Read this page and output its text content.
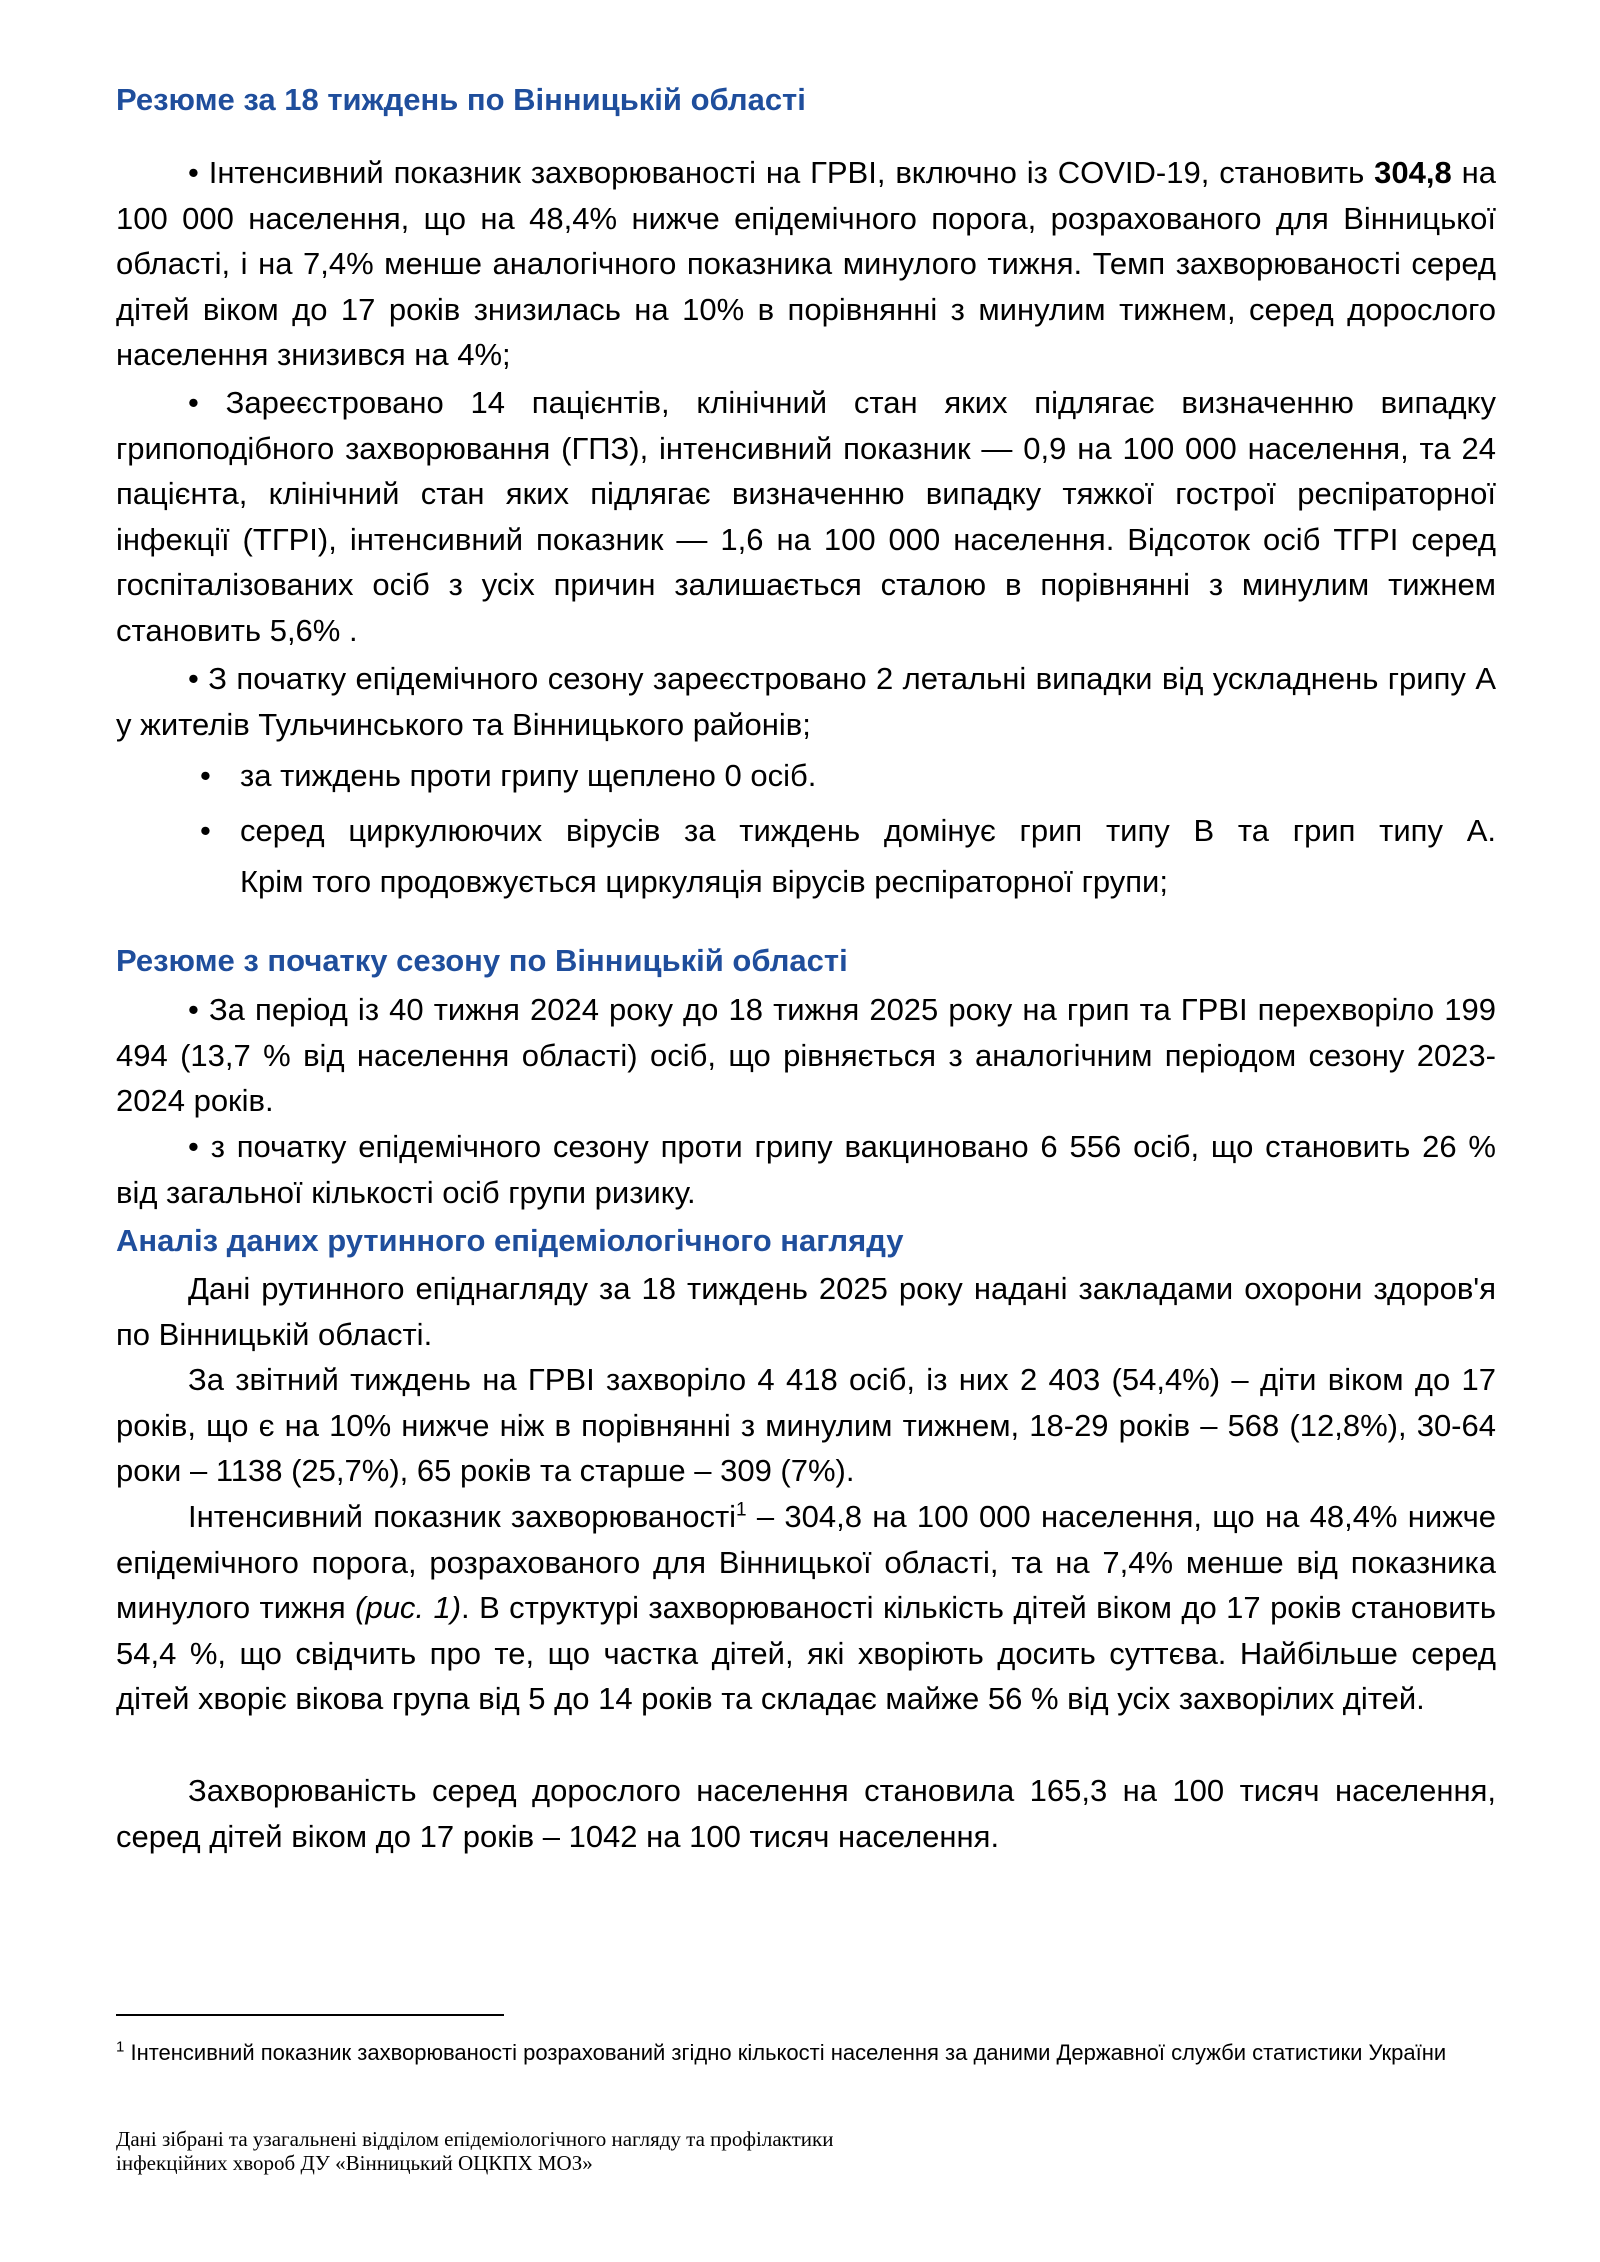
Резюме за 18 тиждень по Вінницькій області

• Інтенсивний показник захворюваності на ГРВІ, включно із COVID-19, становить 304,8 на 100 000 населення, що на 48,4% нижче епідемічного порога, розрахованого для Вінницької області, і на 7,4% менше аналогічного показника минулого тижня. Темп захворюваності серед дітей віком до 17 років знизилась на 10% в порівнянні з минулим тижнем, серед дорослого населення знизився на 4%;

• Зареєстровано 14 пацієнтів, клінічний стан яких підлягає визначенню випадку грипоподібного захворювання (ГПЗ), інтенсивний показник — 0,9 на 100 000 населення, та 24 пацієнта, клінічний стан яких підлягає визначенню випадку тяжкої гострої респіраторної інфекції (ТГРІ), інтенсивний показник — 1,6 на 100 000 населення. Відсоток осіб ТГРІ серед госпіталізованих осіб з усіх причин залишається сталою в порівнянні з минулим тижнем становить 5,6% .

• З початку епідемічного сезону зареєстровано 2 летальні випадки від ускладнень грипу А у жителів Тульчинського та Вінницького районів;

• за тиждень проти грипу щеплено 0 осіб.
• серед циркулюючих вірусів за тиждень домінує грип типу В та грип типу А.
Крім того продовжується циркуляція вірусів респіраторної групи;
Резюме з початку сезону по Вінницькій області

• За період із 40 тижня 2024 року до 18 тижня 2025 року на грип та ГРВІ перехворіло 199 494 (13,7 % від населення області) осіб, що рівняється з аналогічним періодом сезону 2023-2024 років.

• з початку епідемічного сезону проти грипу вакциновано 6 556 осіб, що становить 26 % від загальної кількості осіб групи ризику.

Аналіз даних рутинного епідеміологічного нагляду

Дані рутинного епіднагляду за 18 тиждень 2025 року надані закладами охорони здоров'я по Вінницькій області.

За звітний тиждень на ГРВІ захворіло 4 418 осіб, із них 2 403 (54,4%) – діти віком до 17 років, що є на 10% нижче ніж в порівнянні з минулим тижнем, 18-29 років – 568 (12,8%), 30-64 роки – 1138 (25,7%), 65 років та старше – 309 (7%).

Інтенсивний показник захворюваності$^1$ – 304,8 на 100 000 населення, що на 48,4% нижче епідемічного порога, розрахованого для Вінницької області, та на 7,4% менше від показника минулого тижня (рис. 1). В структурі захворюваності кількість дітей віком до 17 років становить 54,4 %, що свідчить про те, що частка дітей, які хворіють досить суттєва. Найбільше серед дітей хворіє вікова група від 5 до 14 років та складає майже 56 % від усіх захворілих дітей.

Захворюваність серед дорослого населення становила 165,3 на 100 тисяч населення, серед дітей віком до 17 років – 1042 на 100 тисяч населення.

$^1$ Інтенсивний показник захворюваності розрахований згідно кількості населення за даними Державної служби статистики України
Дані зібрані та узагальнені відділом епідеміологічного нагляду та профілактики
інфекційних хвороб ДУ «Вінницький ОЦКПХ МОЗ»
